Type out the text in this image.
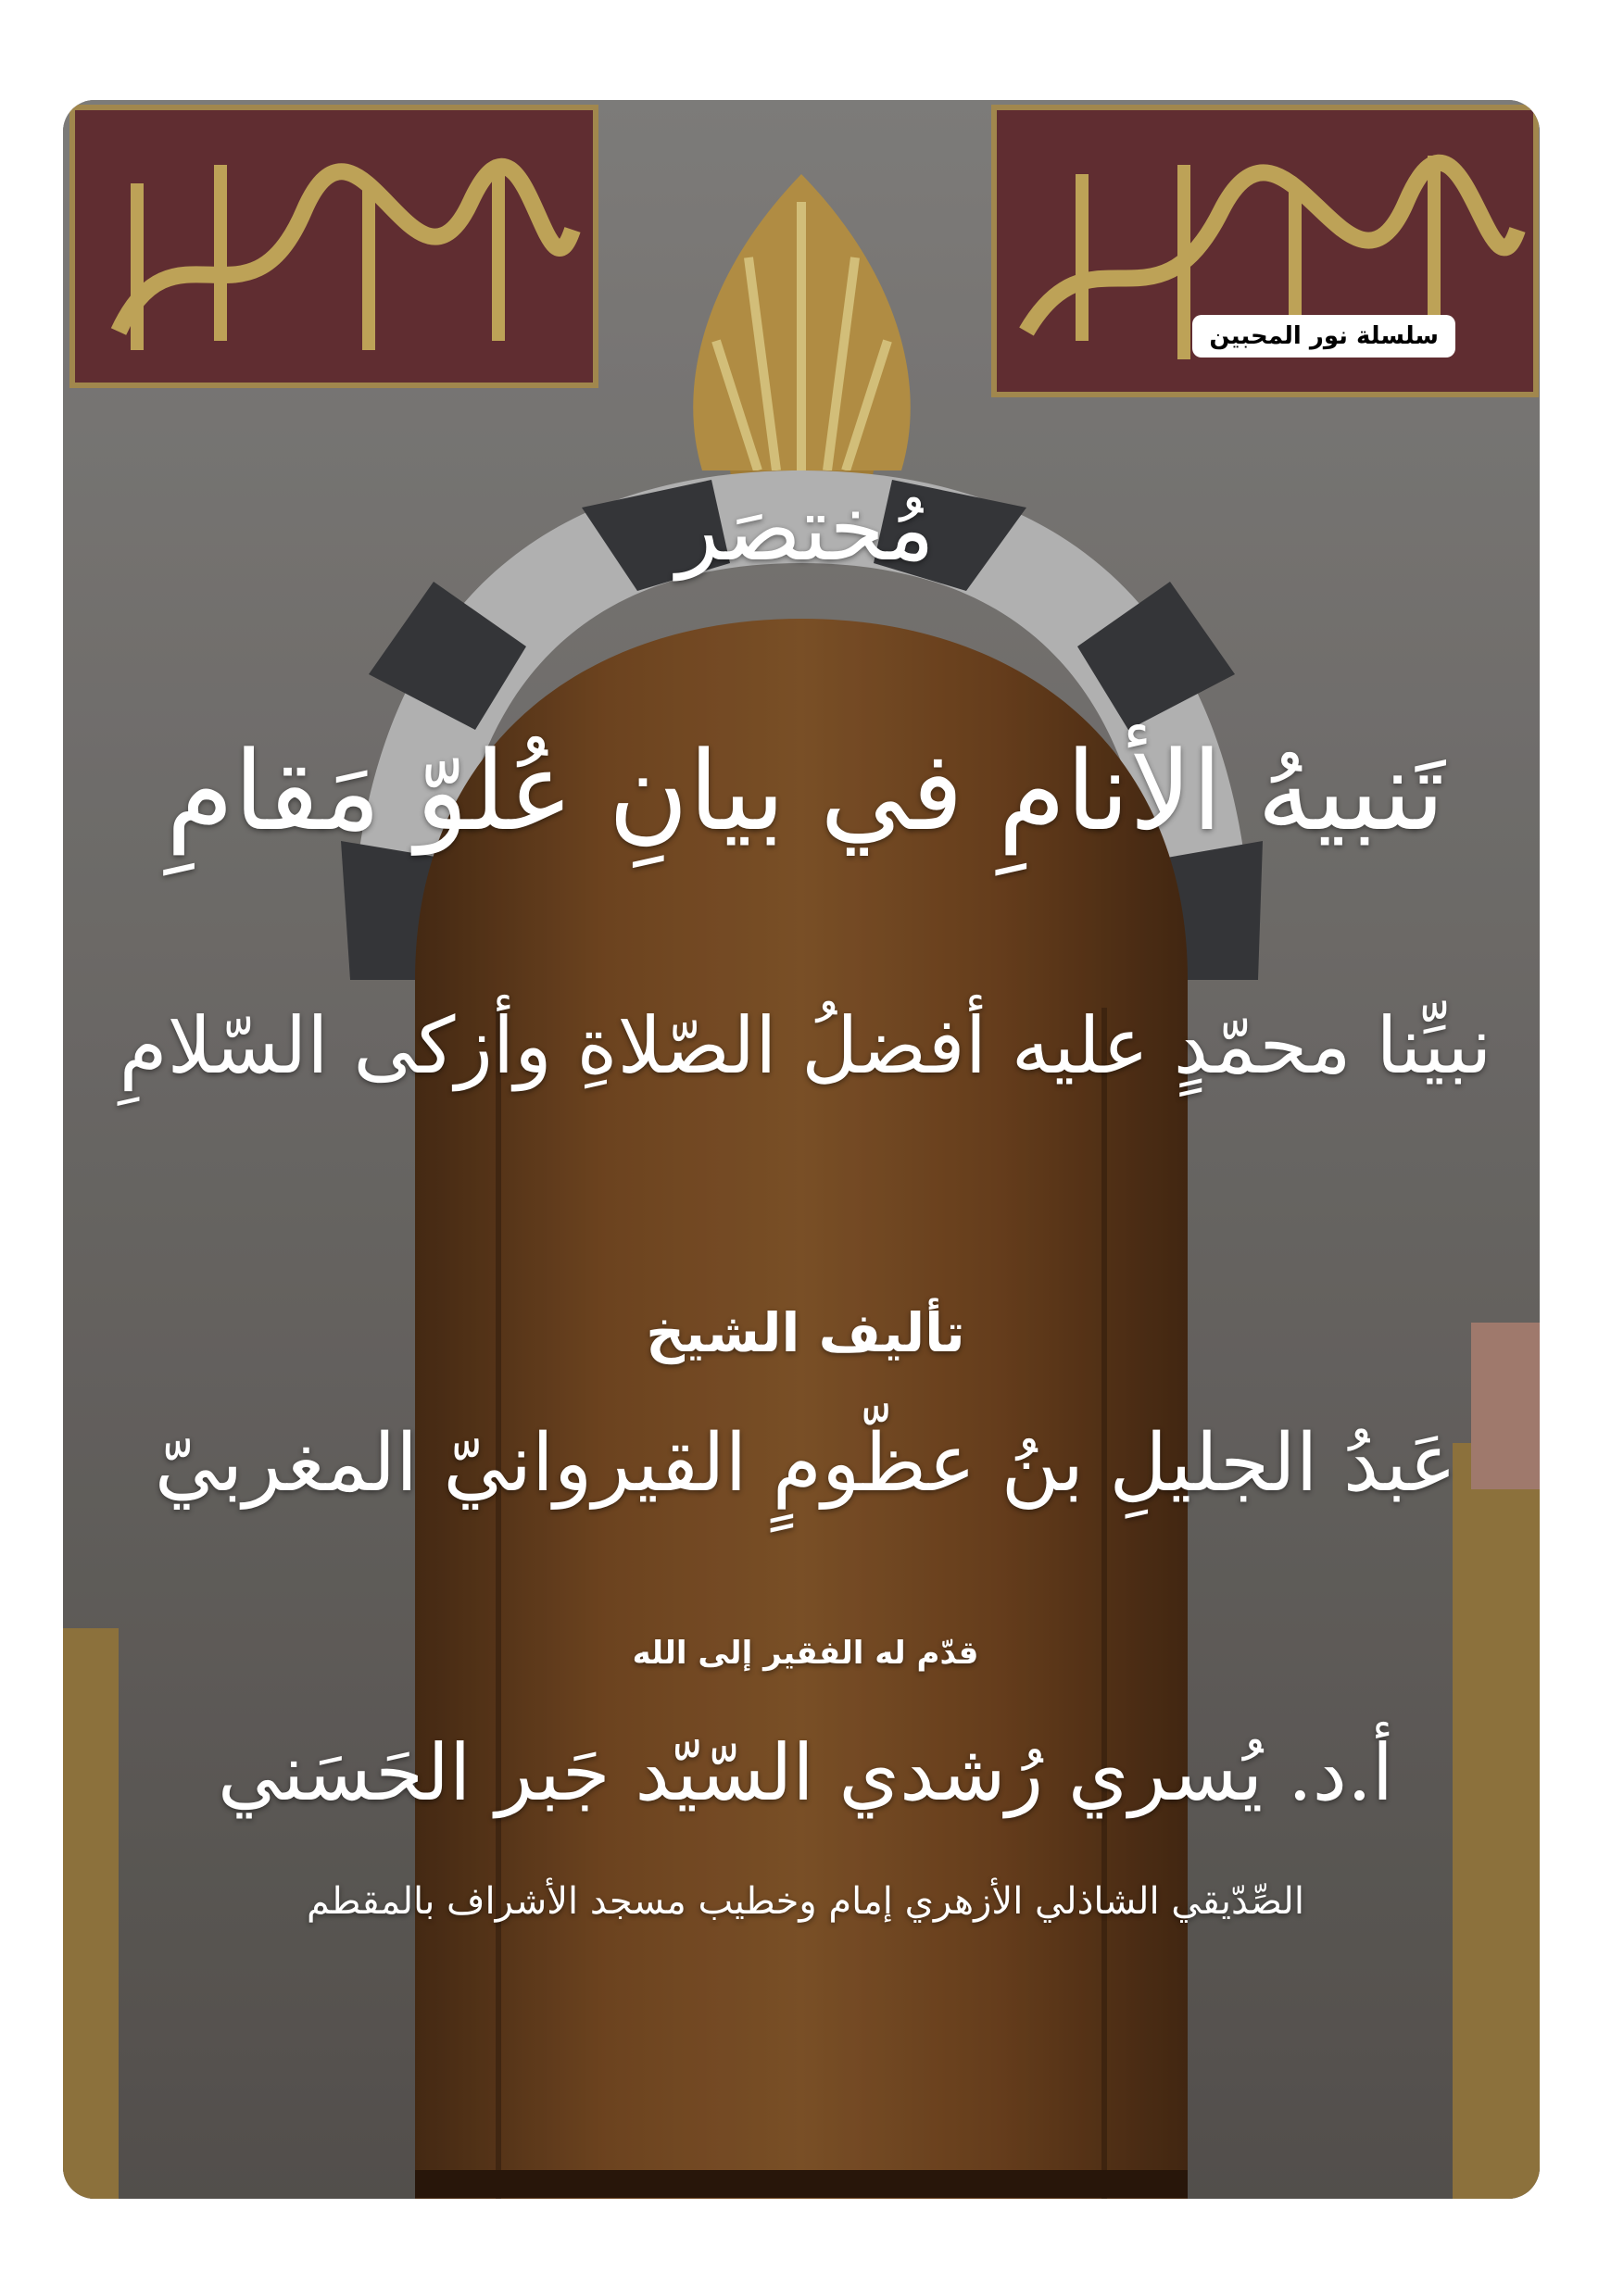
سلسلة نور المحبين
مُختصَر
تَنبيهُ الأنامِ في بيانِ عُلوّ مَقامِ
نبيِّنا محمّدٍ عليه أفضلُ الصّلاةِ وأزكى السّلامِ
تأليف الشيخ
عَبدُ الجليلِ بنُ عظّومٍ القيروانيّ المغربيّ
قدّم له الفقير إلى الله
أ.د. يُسري رُشدي السّيّد جَبر الحَسَني
الصِّدّيقي الشاذلي الأزهري إمام وخطيب مسجد الأشراف بالمقطم
